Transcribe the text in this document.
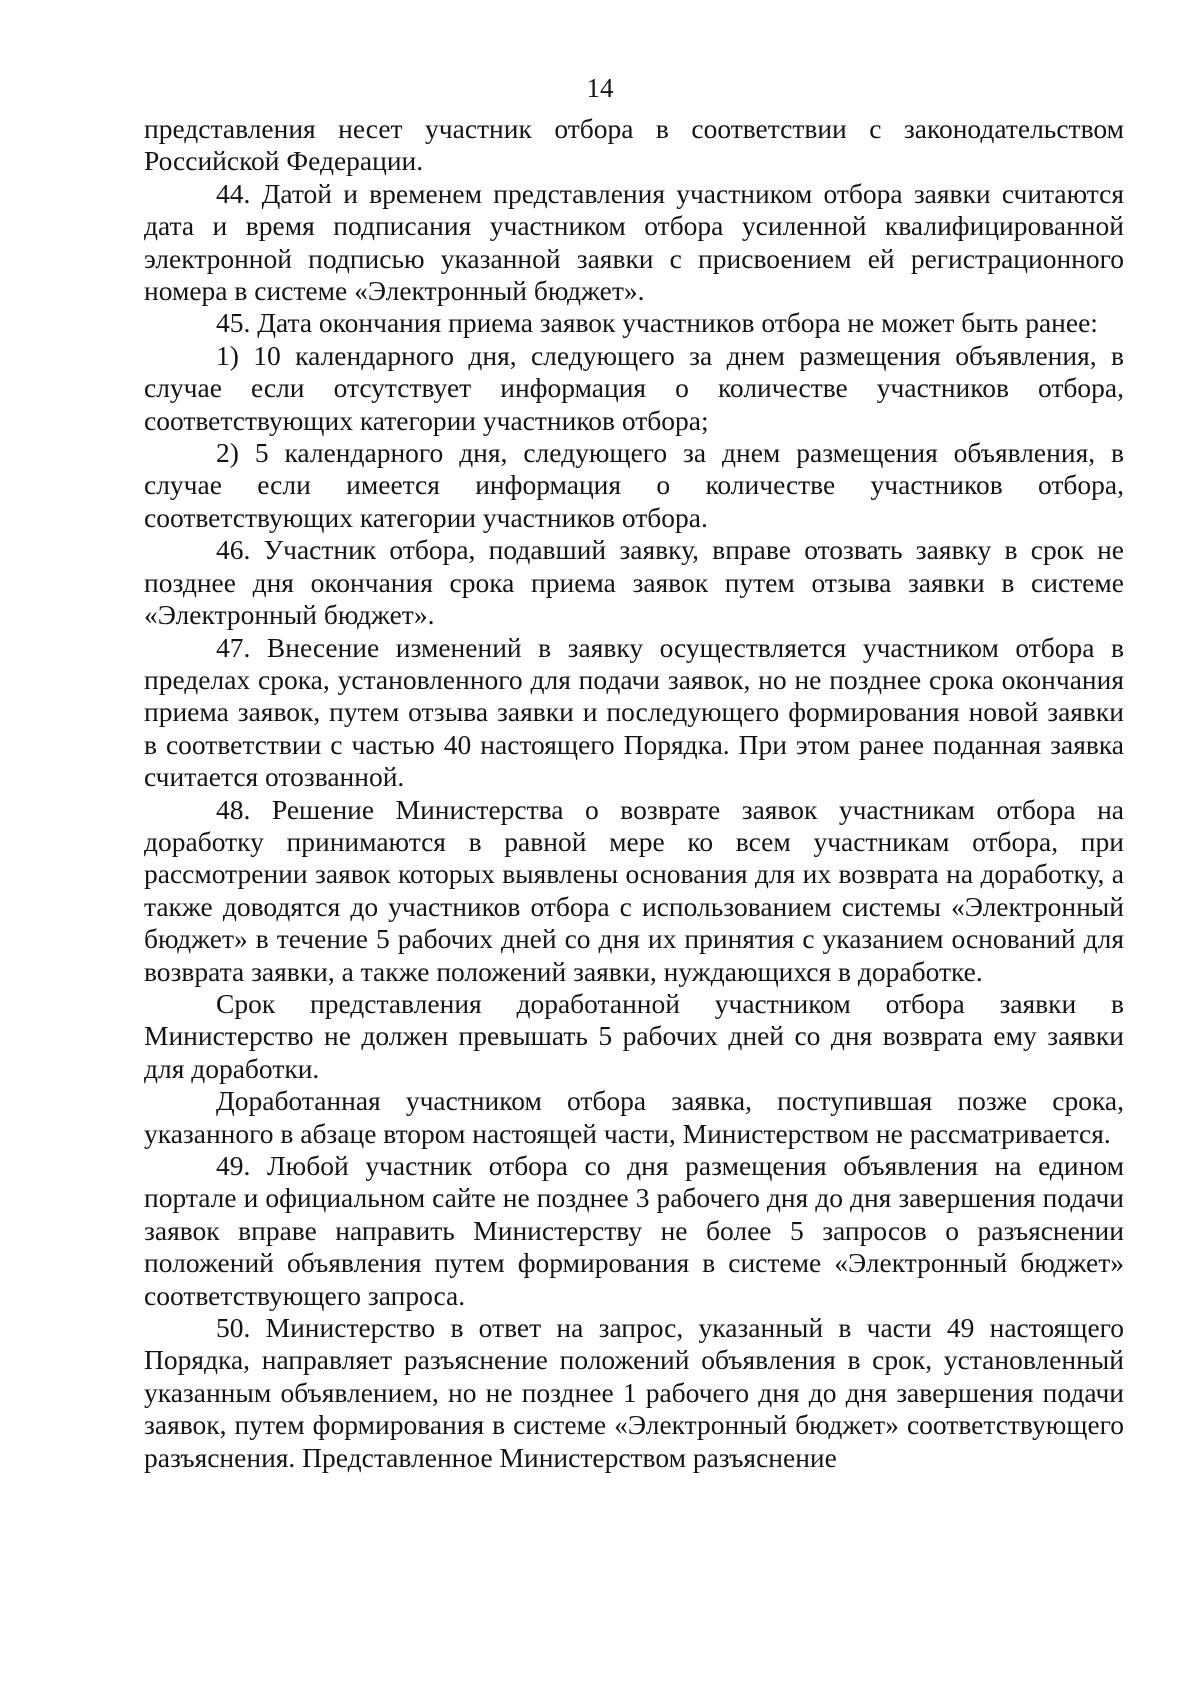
14

представления несет участник отбора в соответствии с законодательством Российской Федерации.

44. Датой и временем представления участником отбора заявки считаются дата и время подписания участником отбора усиленной квалифицированной электронной подписью указанной заявки с присвоением ей регистрационного номера в системе «Электронный бюджет».

45. Дата окончания приема заявок участников отбора не может быть ранее:

1) 10 календарного дня, следующего за днем размещения объявления, в случае если отсутствует информация о количестве участников отбора, соответствующих категории участников отбора;

2) 5 календарного дня, следующего за днем размещения объявления, в случае если имеется информация о количестве участников отбора, соответствующих категории участников отбора.

46. Участник отбора, подавший заявку, вправе отозвать заявку в срок не позднее дня окончания срока приема заявок путем отзыва заявки в системе «Электронный бюджет».

47. Внесение изменений в заявку осуществляется участником отбора в пределах срока, установленного для подачи заявок, но не позднее срока окончания приема заявок, путем отзыва заявки и последующего формирования новой заявки в соответствии с частью 40 настоящего Порядка. При этом ранее поданная заявка считается отозванной.

48. Решение Министерства о возврате заявок участникам отбора на доработку принимаются в равной мере ко всем участникам отбора, при рассмотрении заявок которых выявлены основания для их возврата на доработку, а также доводятся до участников отбора с использованием системы «Электронный бюджет» в течение 5 рабочих дней со дня их принятия с указанием оснований для возврата заявки, а также положений заявки, нуждающихся в доработке.

Срок представления доработанной участником отбора заявки в Министерство не должен превышать 5 рабочих дней со дня возврата ему заявки для доработки.

Доработанная участником отбора заявка, поступившая позже срока, указанного в абзаце втором настоящей части, Министерством не рассматривается.

49. Любой участник отбора со дня размещения объявления на едином портале и официальном сайте не позднее 3 рабочего дня до дня завершения подачи заявок вправе направить Министерству не более 5 запросов о разъяснении положений объявления путем формирования в системе «Электронный бюджет» соответствующего запроса.

50. Министерство в ответ на запрос, указанный в части 49 настоящего Порядка, направляет разъяснение положений объявления в срок, установленный указанным объявлением, но не позднее 1 рабочего дня до дня завершения подачи заявок, путем формирования в системе «Электронный бюджет» соответствующего разъяснения. Представленное Министерством разъяснение
